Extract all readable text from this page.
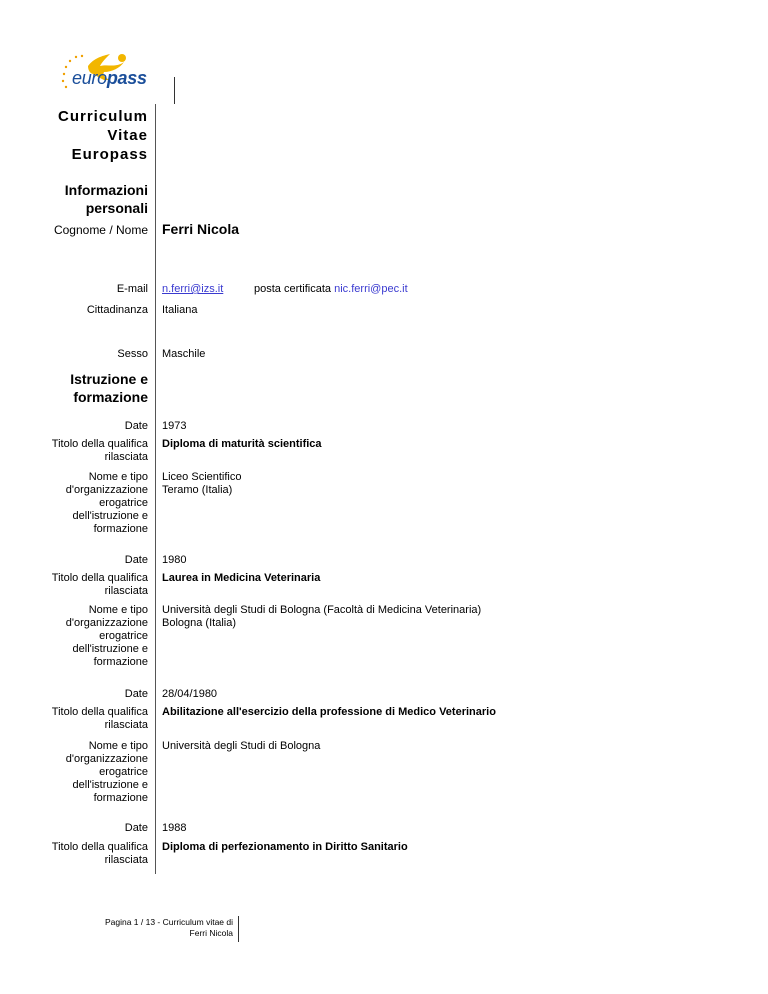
europass
Curriculum
Vitae
Europass
Informazioni
personali
Cognome / Nome Ferri Nicola
E-mail n.ferri@izs.it	posta certificata nic.ferri@pec.it
Cittadinanza Italiana
Sesso Maschile
Istruzione e
formazione
Date 1973
Titolo della qualifica
rilasciata
Diploma di maturità scientifica
Nome e tipo
d'organizzazione
erogatrice
dell'istruzione e
formazione
Liceo Scientifico
Teramo (Italia)
Date 1980
Titolo della qualifica
rilasciata
Laurea in Medicina Veterinaria
Nome e tipo
d'organizzazione
erogatrice
dell'istruzione e
formazione
Università degli Studi di Bologna (Facoltà di Medicina Veterinaria)
Bologna (Italia)
Date 28/04/1980
Titolo della qualifica
rilasciata
Abilitazione all'esercizio della professione di Medico Veterinario
Nome e tipo
d'organizzazione
erogatrice
dell'istruzione e
formazione
Università degli Studi di Bologna
Date 1988
Titolo della qualifica
rilasciata
Diploma di perfezionamento in Diritto Sanitario
Pagina 1 / 13 - Curriculum vitae di
Ferri Nicola
